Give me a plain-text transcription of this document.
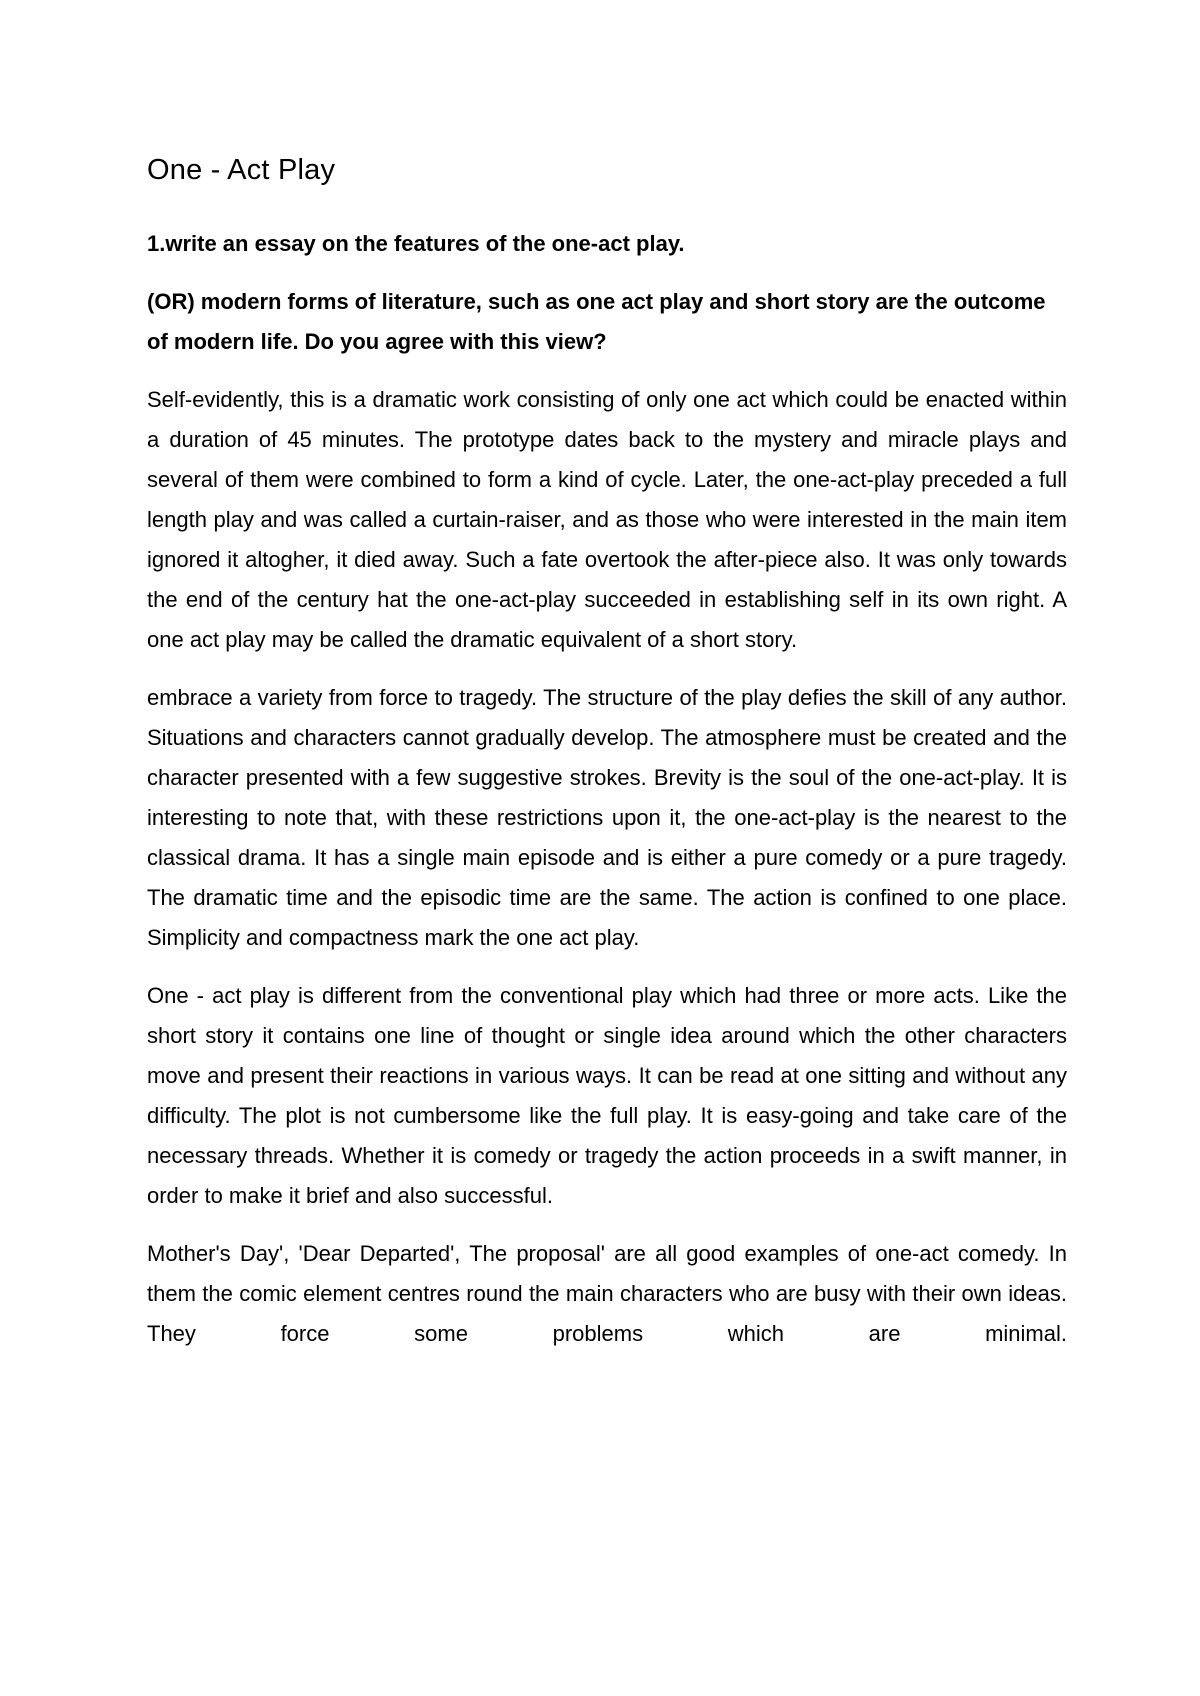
One - Act Play

1.write an essay on the features of the one-act play.

(OR) modern forms of literature, such as one act play and short story are the outcome of modern life. Do you agree with this view?

Self-evidently, this is a dramatic work consisting of only one act which could be enacted within a duration of 45 minutes. The prototype dates back to the mystery and miracle plays and several of them were combined to form a kind of cycle. Later, the one-act-play preceded a full length play and was called a curtain-raiser, and as those who were interested in the main item ignored it altogher, it died away. Such a fate overtook the after-piece also. It was only towards the end of the century hat the one-act-play succeeded in establishing self in its own right. A one act play may be called the dramatic equivalent of a short story.

embrace a variety from force to tragedy. The structure of the play defies the skill of any author. Situations and characters cannot gradually develop. The atmosphere must be created and the character presented with a few suggestive strokes. Brevity is the soul of the one-act-play. It is interesting to note that, with these restrictions upon it, the one-act-play is the nearest to the classical drama. It has a single main episode and is either a pure comedy or a pure tragedy. The dramatic time and the episodic time are the same. The action is confined to one place. Simplicity and compactness mark the one act play.

One - act play is different from the conventional play which had three or more acts. Like the short story it contains one line of thought or single idea around which the other characters move and present their reactions in various ways. It can be read at one sitting and without any difficulty. The plot is not cumbersome like the full play. It is easy-going and take care of the necessary threads. Whether it is comedy or tragedy the action proceeds in a swift manner, in order to make it brief and also successful.

Mother's Day', 'Dear Departed', The proposal' are all good examples of one-act comedy. In them the comic element centres round the main characters who are busy with their own ideas. They force some problems which are minimal.
